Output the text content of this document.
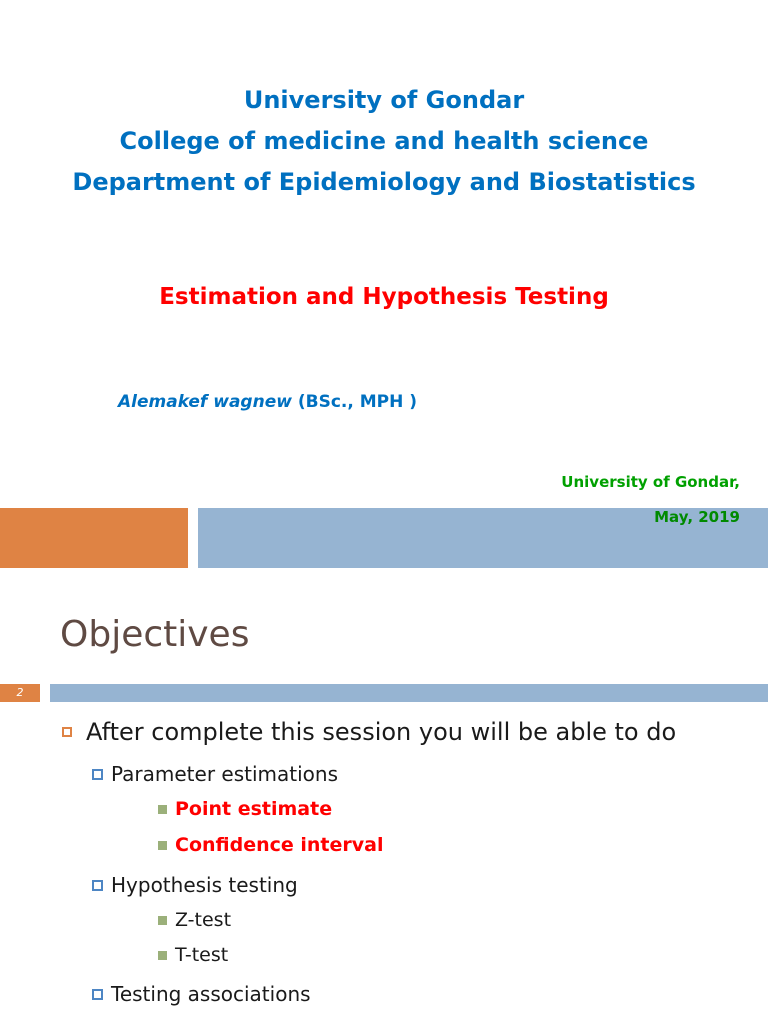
University of Gondar
College of medicine and health science
Department of Epidemiology and Biostatistics
Estimation and Hypothesis Testing
Alemakef wagnew (BSc., MPH )
University of Gondar,
May, 2019
Objectives
2
After complete this session you will be able to do
Parameter estimations
Point estimate
Confidence interval
Hypothesis testing
Z-test
T-test
Testing associations
